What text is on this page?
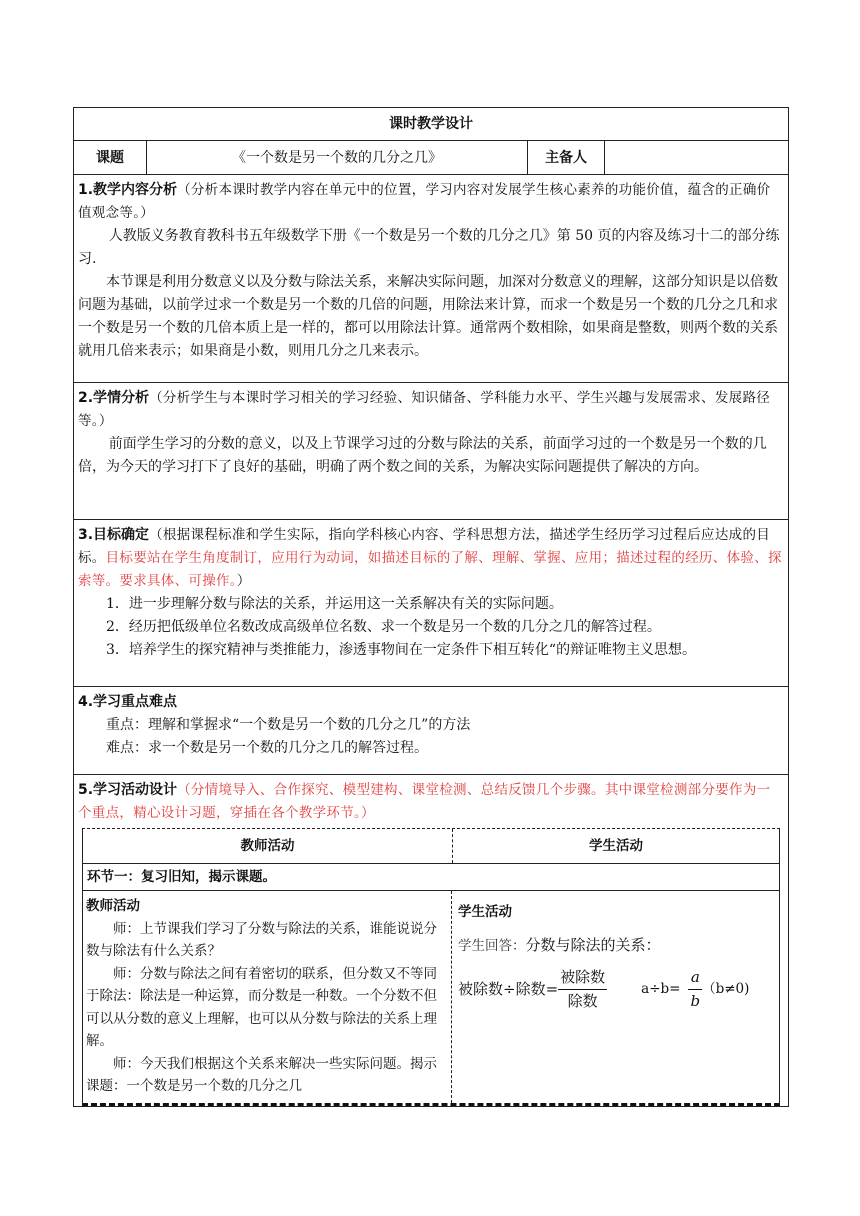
课时教学设计
课题	《一个数是另一个数的几分之几》	主备人

1.教学内容分析（分析本课时教学内容在单元中的位置，学习内容对发展学生核心素养的功能价值，蕴含的正确价值观念等。）

人教版义务教育教科书五年级数学下册《一个数是另一个数的几分之几》第 50 页的内容及练习十二的部分练习.

本节课是利用分数意义以及分数与除法关系，来解决实际问题，加深对分数意义的理解，这部分知识是以倍数问题为基础，以前学过求一个数是另一个数的几倍的问题，用除法来计算，而求一个数是另一个数的几分之几和求一个数是另一个数的几倍本质上是一样的，都可以用除法计算。通常两个数相除，如果商是整数，则两个数的关系就用几倍来表示；如果商是小数，则用几分之几来表示。

2.学情分析（分析学生与本课时学习相关的学习经验、知识储备、学科能力水平、学生兴趣与发展需求、发展路径等。）

前面学生学习的分数的意义，以及上节课学习过的分数与除法的关系，前面学习过的一个数是另一个数的几倍，为今天的学习打下了良好的基础，明确了两个数之间的关系，为解决实际问题提供了解决的方向。

3.目标确定（根据课程标准和学生实际，指向学科核心内容、学科思想方法，描述学生经历学习过程后应达成的目标。目标要站在学生角度制订，应用行为动词，如描述目标的了解、理解、掌握、应用；描述过程的经历、体验、探索等。要求具体、可操作。）

1．进一步理解分数与除法的关系，并运用这一关系解决有关的实际问题。

2．经历把低级单位名数改成高级单位名数、求一个数是另一个数的几分之几的解答过程。

3．培养学生的探究精神与类推能力，渗透事物间在一定条件下相互转化“的辩证唯物主义思想。

4.学习重点难点

重点：理解和掌握求“一个数是另一个数的几分之几”的方法

难点：求一个数是另一个数的几分之几的解答过程。

5.学习活动设计（分情境导入、合作探究、模型建构、课堂检测、总结反馈几个步骤。其中课堂检测部分要作为一个重点，精心设计习题，穿插在各个教学环节。）

教师活动	学生活动
环节一：复习旧知，揭示课题。

教师活动

师：上节课我们学习了分数与除法的关系，谁能说说分数与除法有什么关系？

师：分数与除法之间有着密切的联系，但分数又不等同于除法：除法是一种运算，而分数是一种数。一个分数不但可以从分数的意义上理解，也可以从分数与除法的关系上理解。

师：今天我们根据这个关系来解决一些实际问题。揭示课题：一个数是另一个数的几分之几

学生活动

学生回答：分数与除法的关系：

被除数÷除数= $\frac{\text{被除数}}{\text{除数}}$	$a\div b= \frac{a}{b} (b\ne 0)$
